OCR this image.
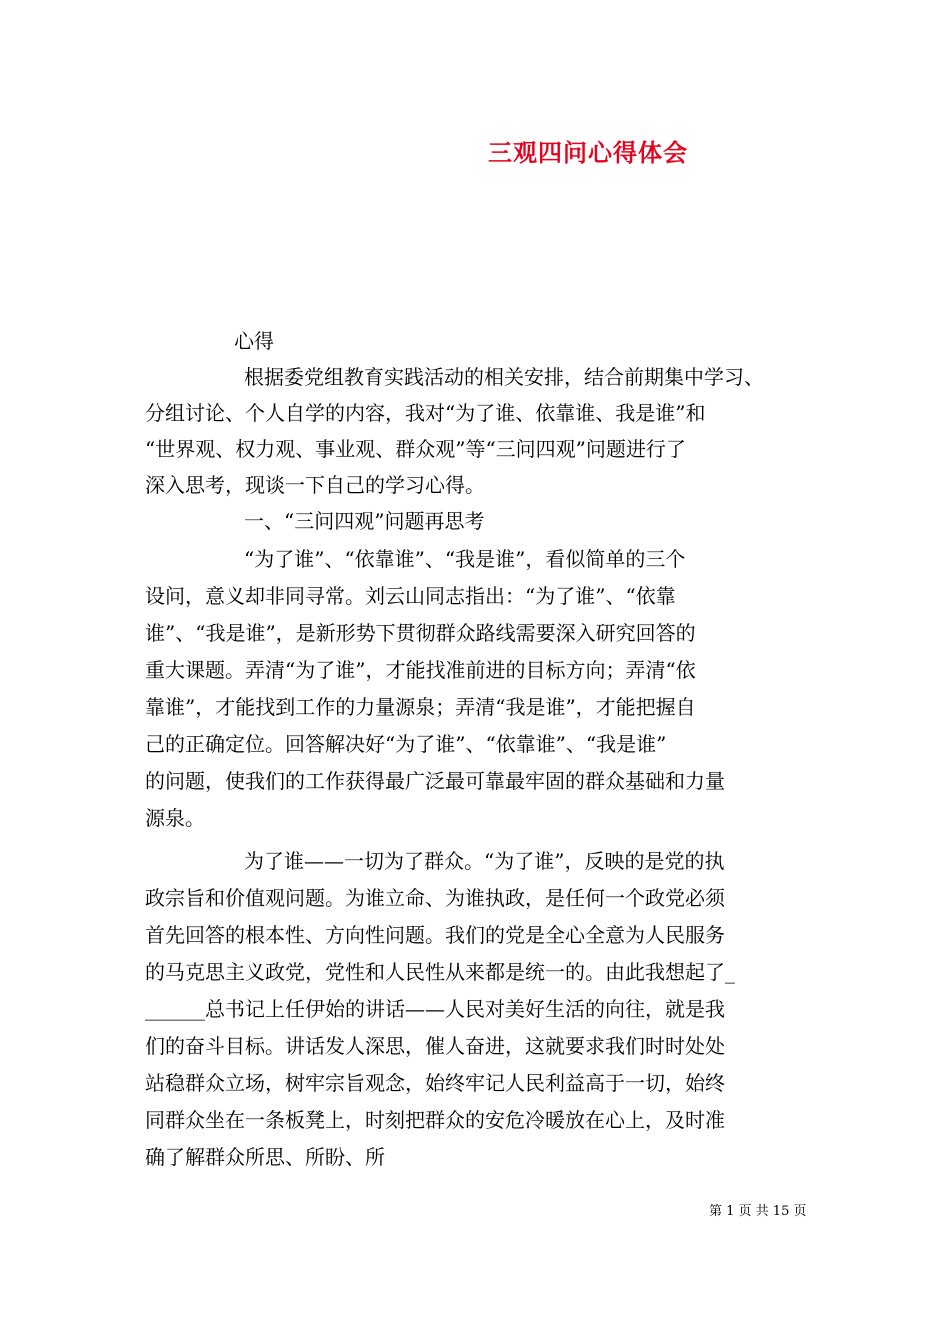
三观四问心得体会
心得
根据委党组教育实践活动的相关安排，结合前期集中学习、
分组讨论、个人自学的内容，我对“为了谁、依靠谁、我是谁”和
“世界观、权力观、事业观、群众观”等“三问四观”问题进行了
深入思考，现谈一下自己的学习心得。
一、“三问四观”问题再思考
“为了谁”、“依靠谁”、“我是谁”，看似简单的三个
设问，意义却非同寻常。刘云山同志指出：“为了谁”、“依靠
谁”、“我是谁”，是新形势下贯彻群众路线需要深入研究回答的
重大课题。弄清“为了谁”，才能找准前进的目标方向；弄清“依
靠谁”，才能找到工作的力量源泉；弄清“我是谁”，才能把握自
己的正确定位。回答解决好“为了谁”、“依靠谁”、“我是谁”
的问题，使我们的工作获得最广泛最可靠最牢固的群众基础和力量
源泉。
为了谁——一切为了群众。“为了谁”，反映的是党的执
政宗旨和价值观问题。为谁立命、为谁执政，是任何一个政党必须
首先回答的根本性、方向性问题。我们的党是全心全意为人民服务
的马克思主义政党，党性和人民性从来都是统一的。由此我想起了_
______总书记上任伊始的讲话——人民对美好生活的向往，就是我
们的奋斗目标。讲话发人深思，催人奋进，这就要求我们时时处处
站稳群众立场，树牢宗旨观念，始终牢记人民利益高于一切，始终
同群众坐在一条板凳上，时刻把群众的安危冷暖放在心上，及时准
确了解群众所思、所盼、所
第 1 页 共 15 页
